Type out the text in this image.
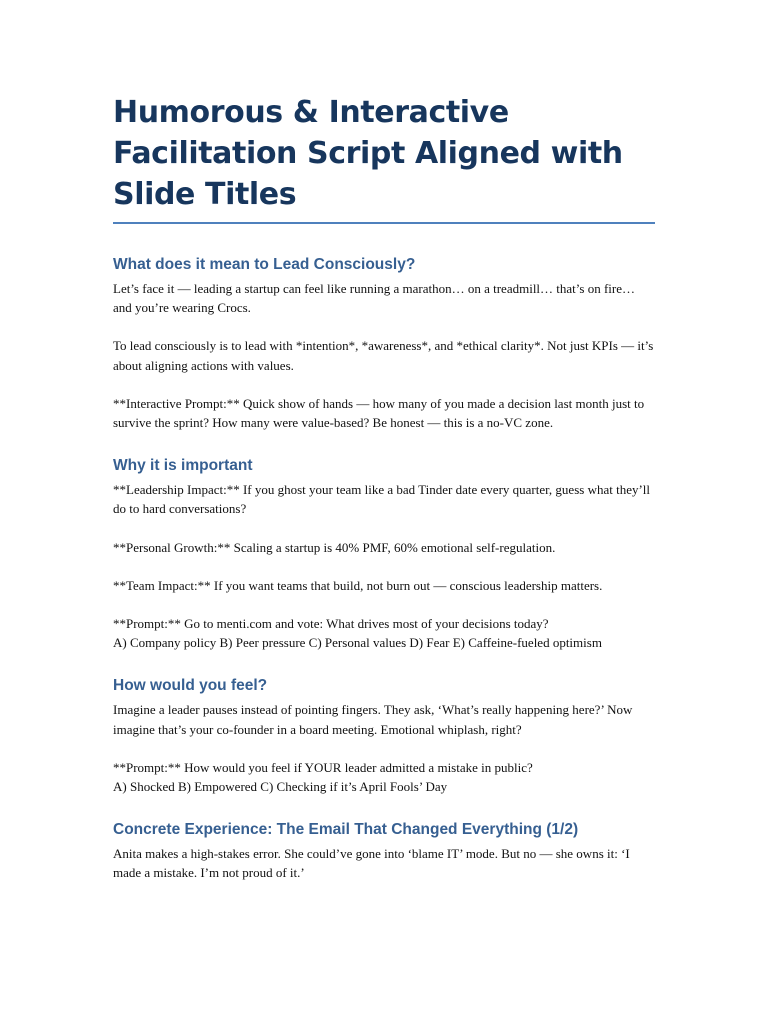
Humorous & Interactive Facilitation Script Aligned with Slide Titles
What does it mean to Lead Consciously?

Let’s face it — leading a startup can feel like running a marathon… on a treadmill… that’s on fire… and you’re wearing Crocs.

To lead consciously is to lead with *intention*, *awareness*, and *ethical clarity*. Not just KPIs — it’s about aligning actions with values.

**Interactive Prompt:** Quick show of hands — how many of you made a decision last month just to survive the sprint? How many were value-based? Be honest — this is a no-VC zone.

Why it is important

**Leadership Impact:** If you ghost your team like a bad Tinder date every quarter, guess what they’ll do to hard conversations?

**Personal Growth:** Scaling a startup is 40% PMF, 60% emotional self-regulation.

**Team Impact:** If you want teams that build, not burn out — conscious leadership matters.

**Prompt:** Go to menti.com and vote: What drives most of your decisions today?
A) Company policy B) Peer pressure C) Personal values D) Fear E) Caffeine-fueled optimism

How would you feel?

Imagine a leader pauses instead of pointing fingers. They ask, ‘What’s really happening here?’ Now imagine that’s your co-founder in a board meeting. Emotional whiplash, right?

**Prompt:** How would you feel if YOUR leader admitted a mistake in public?
A) Shocked B) Empowered C) Checking if it’s April Fools’ Day

Concrete Experience: The Email That Changed Everything (1/2)

Anita makes a high-stakes error. She could’ve gone into ‘blame IT’ mode. But no — she owns it: ‘I made a mistake. I’m not proud of it.’
